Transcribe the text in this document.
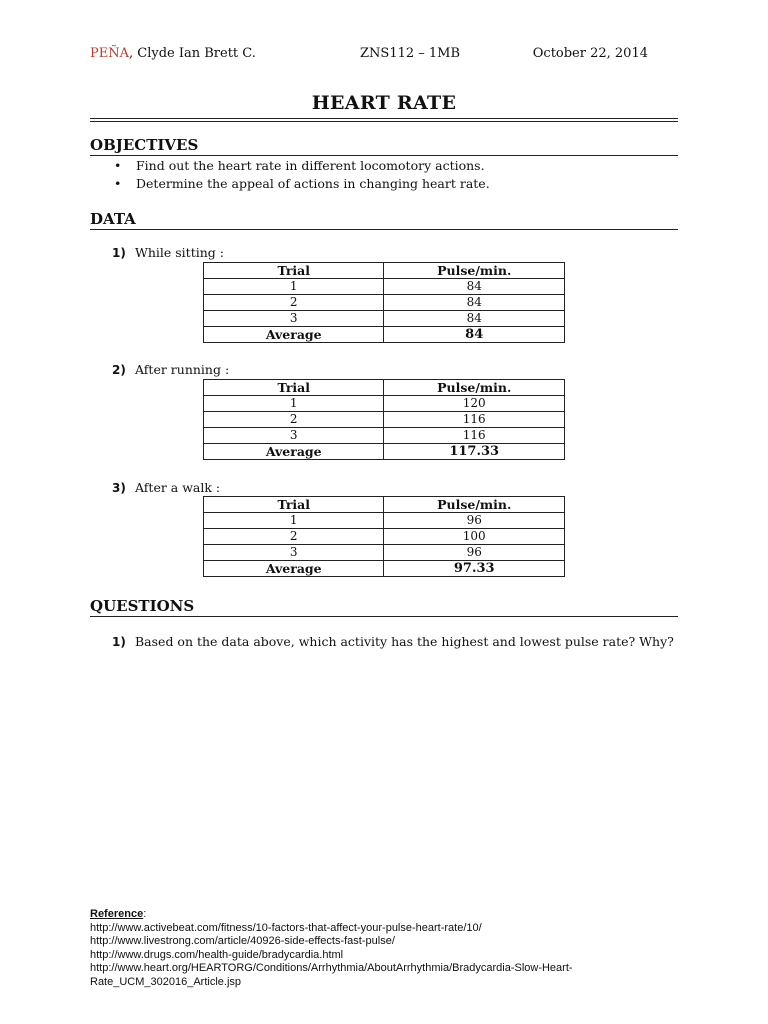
PEÑA, Clyde Ian Brett C.	ZNS112 – 1MB	October 22, 2014
HEART RATE
OBJECTIVES
• Find out the heart rate in different locomotory actions.
• Determine the appeal of actions in changing heart rate.
DATA
1) While sitting :
Trial	Pulse/min.
1	84
2	84
3	84
Average	84
2) After running :
Trial	Pulse/min.
1	120
2	116
3	116
Average	117.33
3) After a walk :
Trial	Pulse/min.
1	96
2	100
3	96
Average	97.33
QUESTIONS
1) Based on the data above, which activity has the highest and lowest pulse rate? Why?
Reference:
http://www.activebeat.com/fitness/10-factors-that-affect-your-pulse-heart-rate/10/
http://www.livestrong.com/article/40926-side-effects-fast-pulse/
http://www.drugs.com/health-guide/bradycardia.html
http://www.heart.org/HEARTORG/Conditions/Arrhythmia/AboutArrhythmia/Bradycardia-Slow-Heart-
Rate_UCM_302016_Article.jsp
